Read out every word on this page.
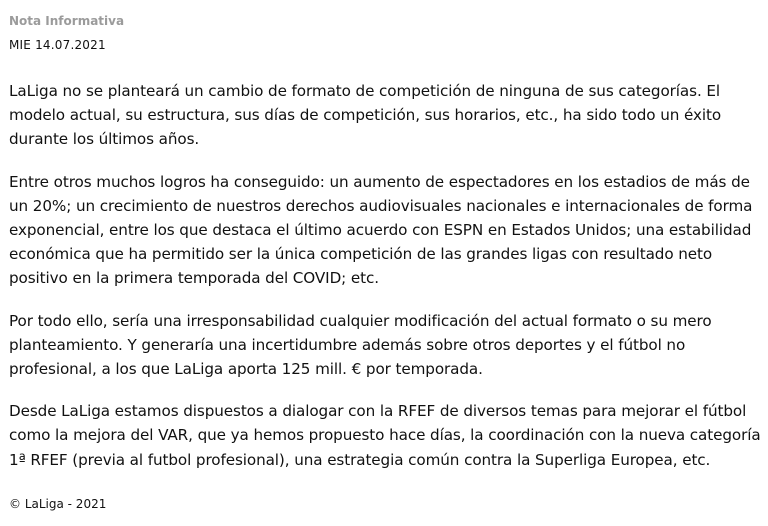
Nota Informativa

MIE 14.07.2021

LaLiga no se planteará un cambio de formato de competición de ninguna de sus categorías. El modelo actual, su estructura, sus días de competición, sus horarios, etc., ha sido todo un éxito durante los últimos años.

Entre otros muchos logros ha conseguido: un aumento de espectadores en los estadios de más de un 20%; un crecimiento de nuestros derechos audiovisuales nacionales e internacionales de forma exponencial, entre los que destaca el último acuerdo con ESPN en Estados Unidos; una estabilidad económica que ha permitido ser la única competición de las grandes ligas con resultado neto positivo en la primera temporada del COVID; etc.

Por todo ello, sería una irresponsabilidad cualquier modificación del actual formato o su mero planteamiento. Y generaría una incertidumbre además sobre otros deportes y el fútbol no profesional, a los que LaLiga aporta 125 mill. € por temporada.

Desde LaLiga estamos dispuestos a dialogar con la RFEF de diversos temas para mejorar el fútbol como la mejora del VAR, que ya hemos propuesto hace días, la coordinación con la nueva categoría 1ª RFEF (previa al futbol profesional), una estrategia común contra la Superliga Europea, etc.

© LaLiga - 2021
